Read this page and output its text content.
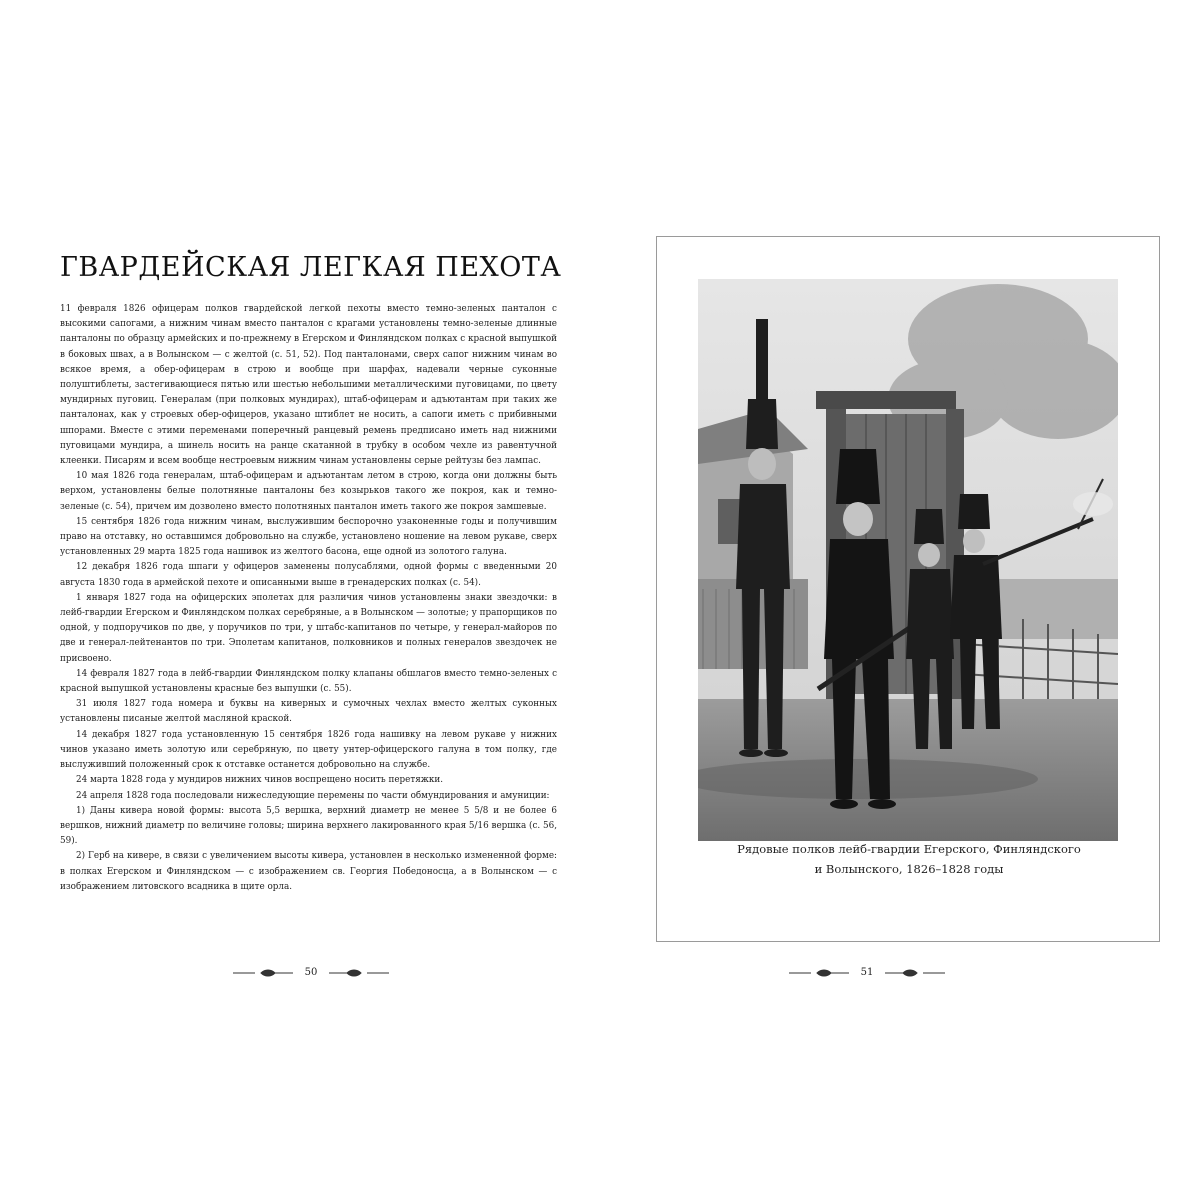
ГВАРДЕЙСКАЯ ЛЕГКАЯ ПЕХОТА

11 февраля 1826 офицерам полков гвардейской легкой пехоты вместо темно-зеленых панталон с высокими сапогами, а нижним чинам вместо панталон с крагами установлены темно-зеленые длинные панталоны по образцу армейских и по-прежнему в Егерском и Финляндском полках с красной выпушкой в боковых швах, а в Волынском — с желтой (с. 51, 52). Под панталонами, сверх сапог нижним чинам во всякое время, а обер-офицерам в строю и вообще при шарфах, надевали черные суконные полуштиблеты, застегивающиеся пятью или шестью небольшими металлическими пуговицами, по цвету мундирных пуговиц. Генералам (при полковых мундирах), штаб-офицерам и адъютантам при таких же панталонах, как у строевых обер-офицеров, указано штиблет не носить, а сапоги иметь с прибивными шпорами. Вместе с этими переменами поперечный ранцевый ремень предписано иметь над нижними пуговицами мундира, а шинель носить на ранце скатанной в трубку в особом чехле из равентучной клеенки. Писарям и всем вообще нестроевым нижним чинам установлены серые рейтузы без лампас.

10 мая 1826 года генералам, штаб-офицерам и адъютантам летом в строю, когда они должны быть верхом, установлены белые полотняные панталоны без козырьков такого же покроя, как и темно-зеленые (с. 54), причем им дозволено вместо полотняных панталон иметь такого же покроя замшевые.

15 сентября 1826 года нижним чинам, выслужившим беспорочно узаконенные годы и получившим право на отставку, но оставшимся добровольно на службе, установлено ношение на левом рукаве, сверх установленных 29 марта 1825 года нашивок из желтого басона, еще одной из золотого галуна.

12 декабря 1826 года шпаги у офицеров заменены полусаблями, одной формы с введенными 20 августа 1830 года в армейской пехоте и описанными выше в гренадерских полках (с. 54).

1 января 1827 года на офицерских эполетах для различия чинов установлены знаки звездочки: в лейб-гвардии Егерском и Финляндском полках серебряные, а в Волынском — золотые; у прапорщиков по одной, у подпоручиков по две, у поручиков по три, у штабс-капитанов по четыре, у генерал-майоров по две и генерал-лейтенантов по три. Эполетам капитанов, полковников и полных генералов звездочек не присвоено.

14 февраля 1827 года в лейб-гвардии Финляндском полку клапаны обшлагов вместо темно-зеленых с красной выпушкой установлены красные без выпушки (с. 55).

31 июля 1827 года номера и буквы на киверных и сумочных чехлах вместо желтых суконных установлены писаные желтой масляной краской.

14 декабря 1827 года установленную 15 сентября 1826 года нашивку на левом рукаве у нижних чинов указано иметь золотую или серебряную, по цвету унтер-офицерского галуна в том полку, где выслуживший положенный срок к отставке останется добровольно на службе.

24 марта 1828 года у мундиров нижних чинов воспрещено носить перетяжки.

24 апреля 1828 года последовали нижеследующие перемены по части обмундирования и амуниции:

1) Даны кивера новой формы: высота 5,5 вершка, верхний диаметр не менее 5 5/8 и не более 6 вершков, нижний диаметр по величине головы; ширина верхнего лакированного края 5/16 вершка (с. 56, 59).

2) Герб на кивере, в связи с увеличением высоты кивера, установлен в несколько измененной форме: в полках Егерском и Финляндском — с изображением св. Георгия Победоносца, а в Волынском — с изображением литовского всадника в щите орла.

50
Рядовые полков лейб-гвардии Егерского, Финляндского
и Волынского, 1826–1828 годы
51
